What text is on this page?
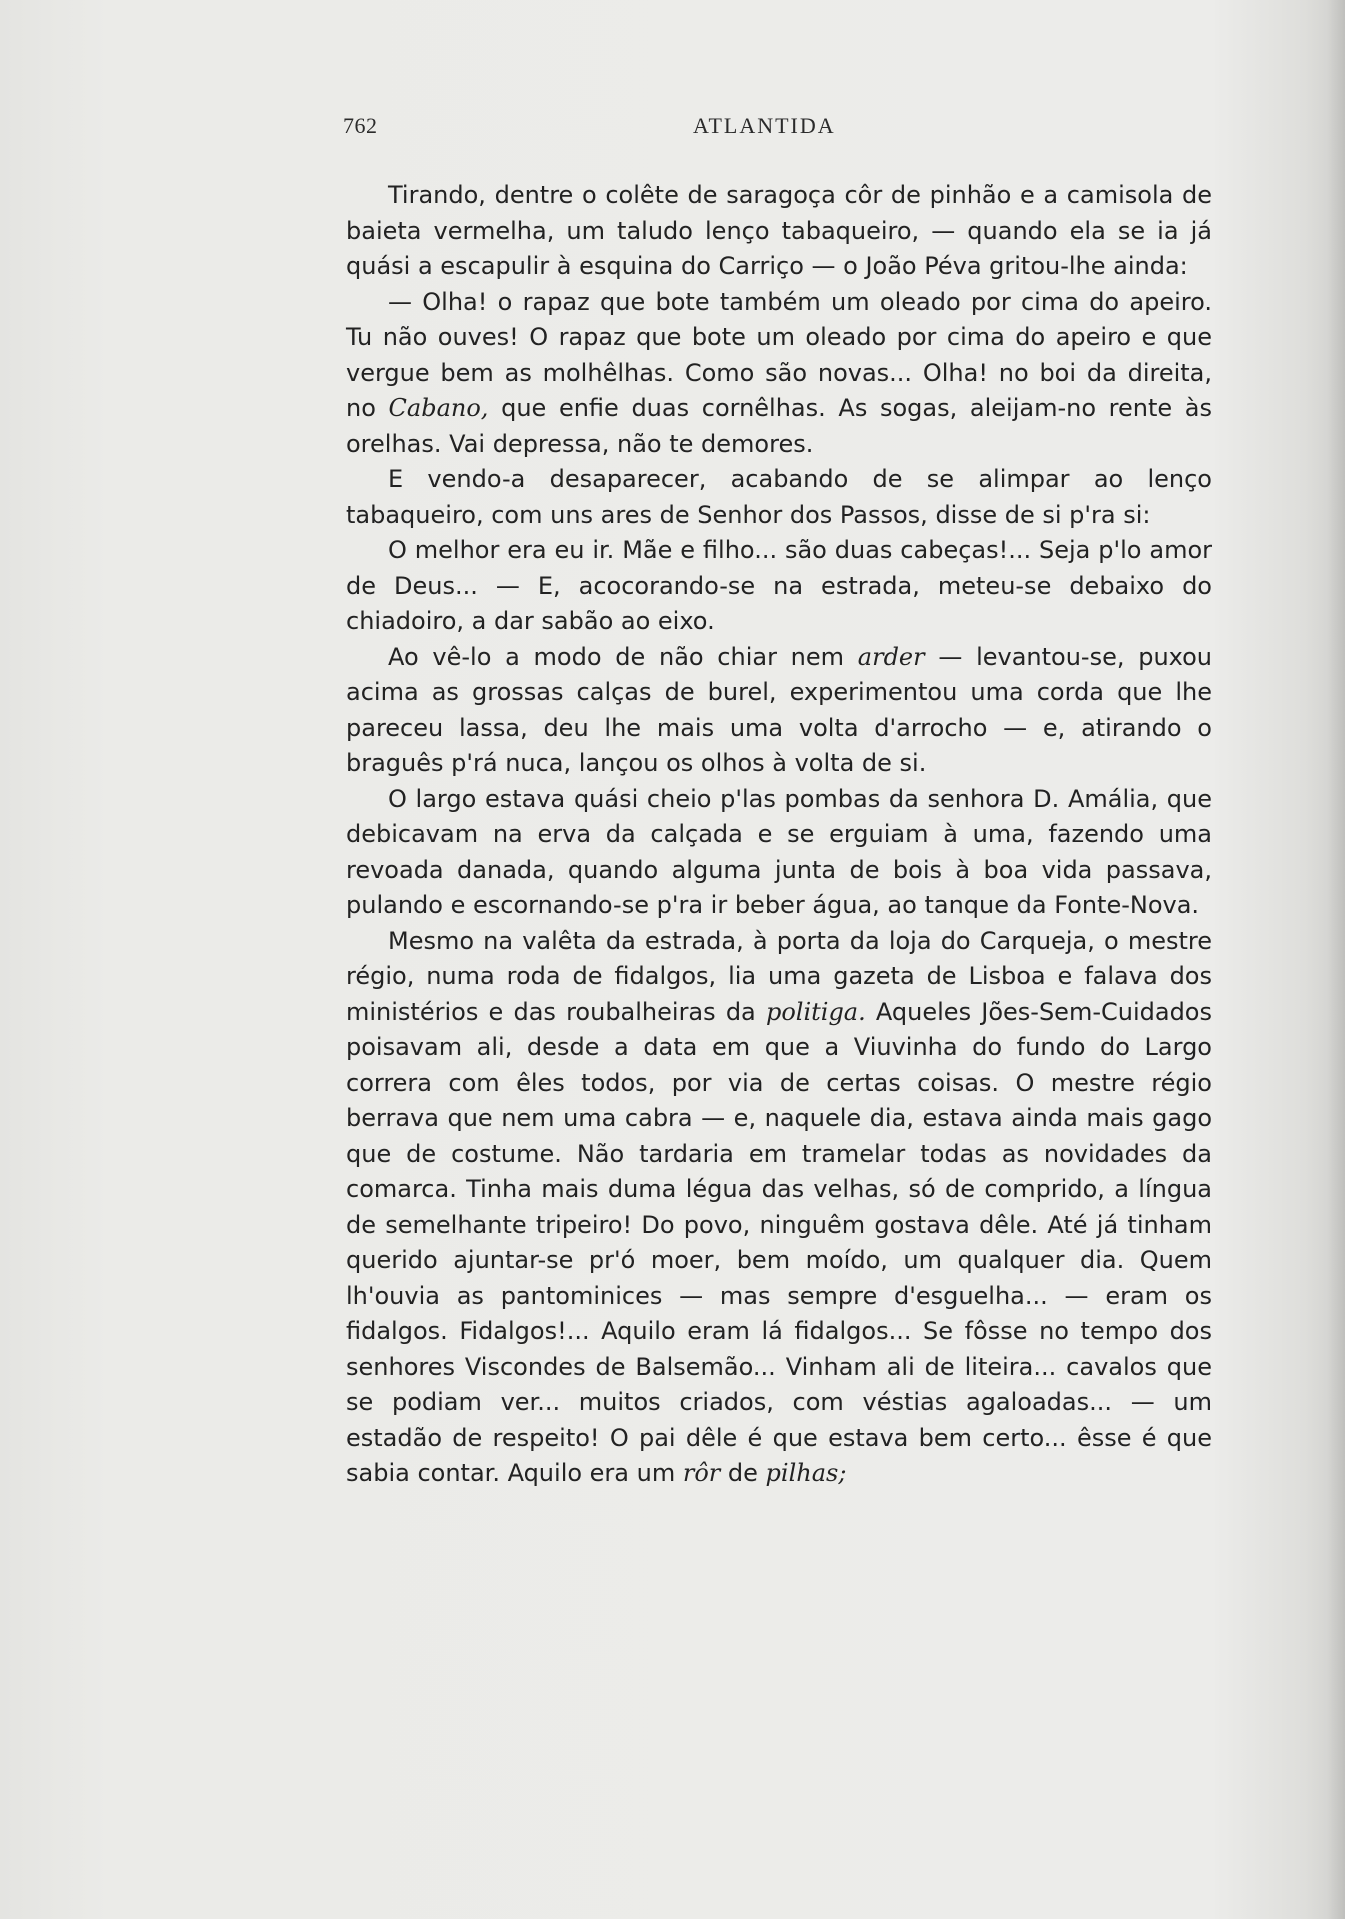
762	ATLANTIDA

Tirando, dentre o colête de saragoça côr de pinhão e a camisola de baieta vermelha, um taludo lenço tabaqueiro, — quando ela se ia já quási a escapulir à esquina do Carriço — o João Péva gritou-lhe ainda:

— Olha! o rapaz que bote também um oleado por cima do apeiro. Tu não ouves! O rapaz que bote um oleado por cima do apeiro e que vergue bem as molhêlhas. Como são novas... Olha! no boi da direita, no Cabano, que enfie duas cornêlhas. As sogas, aleijam-no rente às orelhas. Vai depressa, não te demores.

E vendo-a desaparecer, acabando de se alimpar ao lenço tabaqueiro, com uns ares de Senhor dos Passos, disse de si p'ra si:

O melhor era eu ir. Mãe e filho... são duas cabeças!... Seja p'lo amor de Deus... — E, acocorando-se na estrada, meteu-se debaixo do chiadoiro, a dar sabão ao eixo.

Ao vê-lo a modo de não chiar nem arder — levantou-se, puxou acima as grossas calças de burel, experimentou uma corda que lhe pareceu lassa, deu lhe mais uma volta d'arrocho — e, atirando o braguês p'rá nuca, lançou os olhos à volta de si.

O largo estava quási cheio p'las pombas da senhora D. Amália, que debicavam na erva da calçada e se erguiam à uma, fazendo uma revoada danada, quando alguma junta de bois à boa vida passava, pulando e escornando-se p'ra ir beber água, ao tanque da Fonte-Nova.

Mesmo na valêta da estrada, à porta da loja do Carqueja, o mestre régio, numa roda de fidalgos, lia uma gazeta de Lisboa e falava dos ministérios e das roubalheiras da politiga. Aqueles Jões-Sem-Cuidados poisavam ali, desde a data em que a Viuvinha do fundo do Largo correra com êles todos, por via de certas coisas. O mestre régio berrava que nem uma cabra — e, naquele dia, estava ainda mais gago que de costume. Não tardaria em tramelar todas as novidades da comarca. Tinha mais duma légua das velhas, só de comprido, a língua de semelhante tripeiro! Do povo, ninguêm gostava dêle. Até já tinham querido ajuntar-se pr'ó moer, bem moído, um qualquer dia. Quem lh'ouvia as pantominices — mas sempre d'esguelha... — eram os fidalgos. Fidalgos!... Aquilo eram lá fidalgos... Se fôsse no tempo dos senhores Viscondes de Balsemão... Vinham ali de liteira... cavalos que se podiam ver... muitos criados, com véstias agaloadas... — um estadão de respeito! O pai dêle é que estava bem certo... êsse é que sabia contar. Aquilo era um rôr de pilhas;
